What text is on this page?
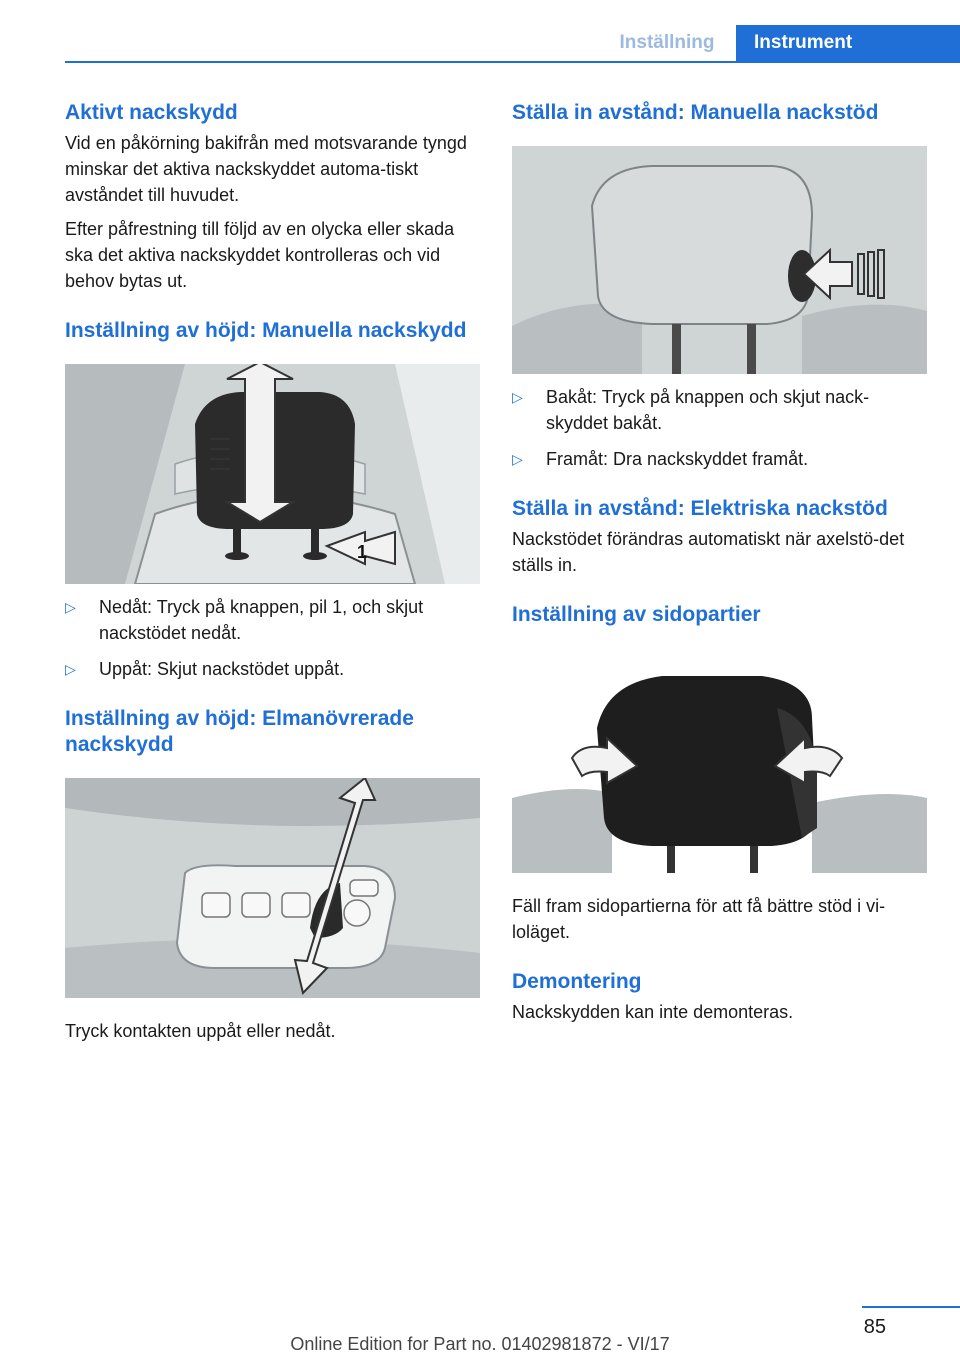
Inställning	Instrument
Aktivt nackskydd

Vid en påkörning bakifrån med motsvarande tyngd minskar det aktiva nackskyddet automa-tiskt avståndet till huvudet.

Efter påfrestning till följd av en olycka eller skada ska det aktiva nackskyddet kontrolleras och vid behov bytas ut.

Inställning av höjd: Manuella nackskydd
1
▷ Nedåt: Tryck på knappen, pil 1, och skjut nackstödet nedåt.
▷ Uppåt: Skjut nackstödet uppåt.
Inställning av höjd: Elmanövrerade nackskydd

Tryck kontakten uppåt eller nedåt.

Ställa in avstånd: Manuella nackstöd
▷ Bakåt: Tryck på knappen och skjut nack-skyddet bakåt.
▷ Framåt: Dra nackskyddet framåt.
Ställa in avstånd: Elektriska nackstöd

Nackstödet förändras automatiskt när axelstö-det ställs in.

Inställning av sidopartier

Fäll fram sidopartierna för att få bättre stöd i vi-loläget.

Demontering

Nackskydden kan inte demonteras.

85
Online Edition for Part no. 01402981872 - VI/17
